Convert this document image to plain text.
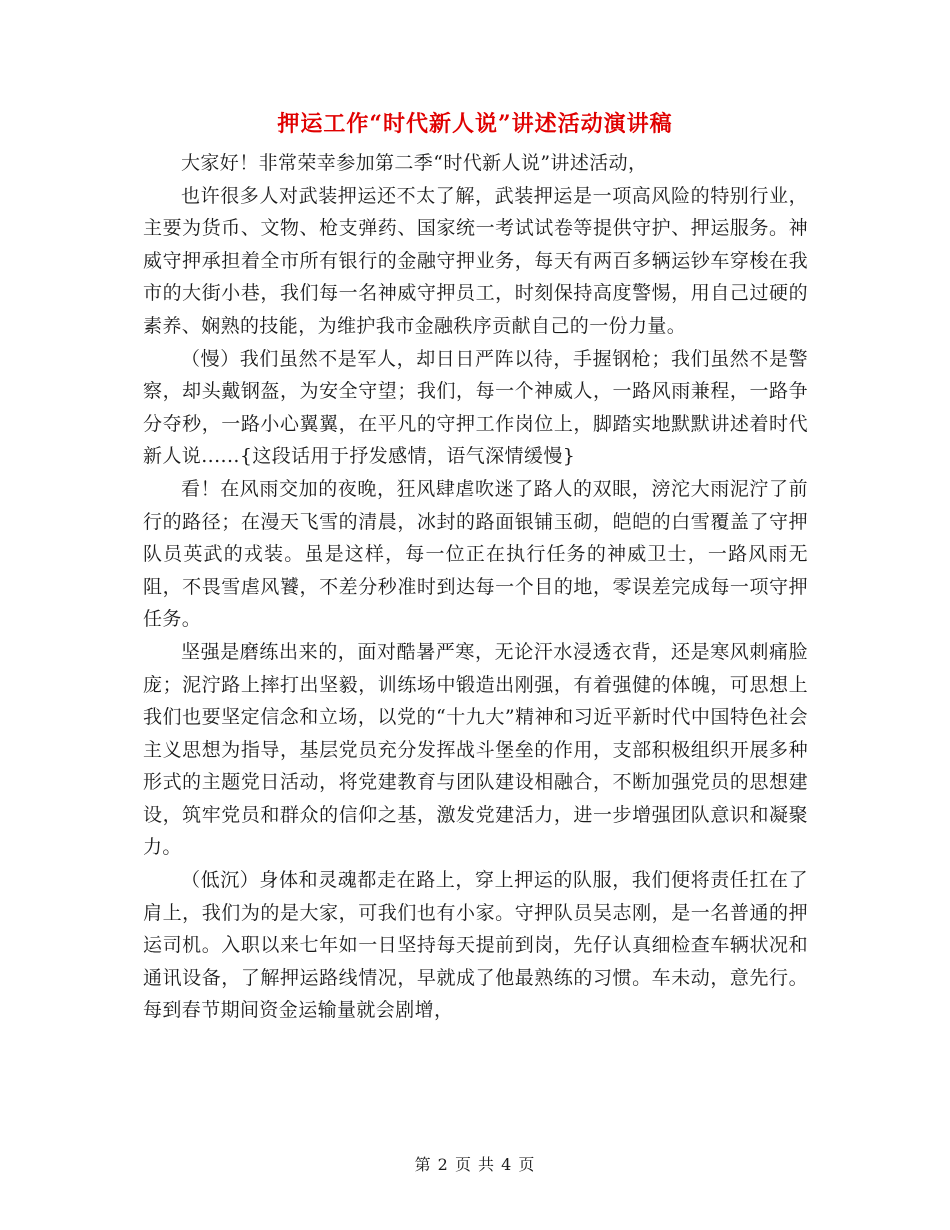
押运工作“时代新人说”讲述活动演讲稿

大家好！非常荣幸参加第二季“时代新人说”讲述活动，

也许很多人对武装押运还不太了解，武装押运是一项高风险的特别行业，主要为货币、文物、枪支弹药、国家统一考试试卷等提供守护、押运服务。神威守押承担着全市所有银行的金融守押业务，每天有两百多辆运钞车穿梭在我市的大街小巷，我们每一名神威守押员工，时刻保持高度警惕，用自己过硬的素养、娴熟的技能，为维护我市金融秩序贡献自己的一份力量。

（慢）我们虽然不是军人，却日日严阵以待，手握钢枪；我们虽然不是警察，却头戴钢盔，为安全守望；我们，每一个神威人，一路风雨兼程，一路争分夺秒，一路小心翼翼，在平凡的守押工作岗位上，脚踏实地默默讲述着时代新人说......{这段话用于抒发感情，语气深情缓慢}

看！在风雨交加的夜晚，狂风肆虐吹迷了路人的双眼，滂沱大雨泥泞了前行的路径；在漫天飞雪的清晨，冰封的路面银铺玉砌，皑皑的白雪覆盖了守押队员英武的戎装。虽是这样，每一位正在执行任务的神威卫士，一路风雨无阻，不畏雪虐风饕，不差分秒准时到达每一个目的地，零误差完成每一项守押任务。

坚强是磨练出来的，面对酷暑严寒，无论汗水浸透衣背，还是寒风刺痛脸庞；泥泞路上摔打出坚毅，训练场中锻造出刚强，有着强健的体魄，可思想上我们也要坚定信念和立场，以党的“十九大”精神和习近平新时代中国特色社会主义思想为指导，基层党员充分发挥战斗堡垒的作用，支部积极组织开展多种形式的主题党日活动，将党建教育与团队建设相融合，不断加强党员的思想建设，筑牢党员和群众的信仰之基，激发党建活力，进一步增强团队意识和凝聚力。

（低沉）身体和灵魂都走在路上，穿上押运的队服，我们便将责任扛在了肩上，我们为的是大家，可我们也有小家。守押队员吴志刚，是一名普通的押运司机。入职以来七年如一日坚持每天提前到岗，先仔认真细检查车辆状况和通讯设备，了解押运路线情况，早就成了他最熟练的习惯。车未动，意先行。每到春节期间资金运输量就会剧增，

第 2 页 共 4 页
